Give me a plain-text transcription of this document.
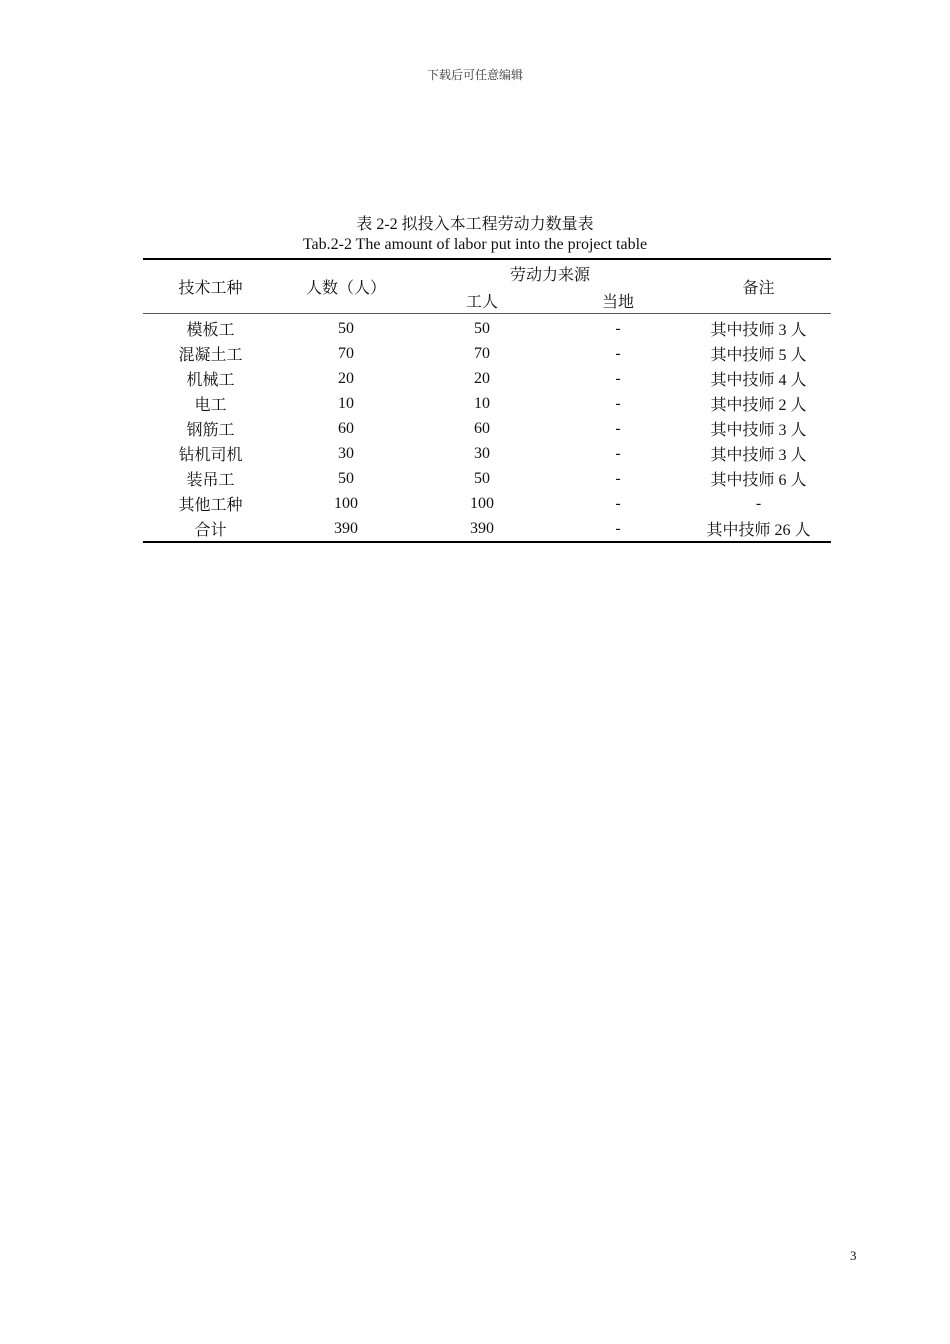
下载后可任意编辑
表 2-2 拟投入本工程劳动力数量表
Tab.2-2 The amount of labor put into the project table
技术工种	人数（人）	劳动力来源		备注
		工人	当地	
模板工	50	50	-	其中技师 3 人
混凝土工	70	70	-	其中技师 5 人
机械工	20	20	-	其中技师 4 人
电工	10	10	-	其中技师 2 人
钢筋工	60	60	-	其中技师 3 人
钻机司机	30	30	-	其中技师 3 人
装吊工	50	50	-	其中技师 6 人
其他工种	100	100	-	-
合计	390	390	-	其中技师 26 人
3
